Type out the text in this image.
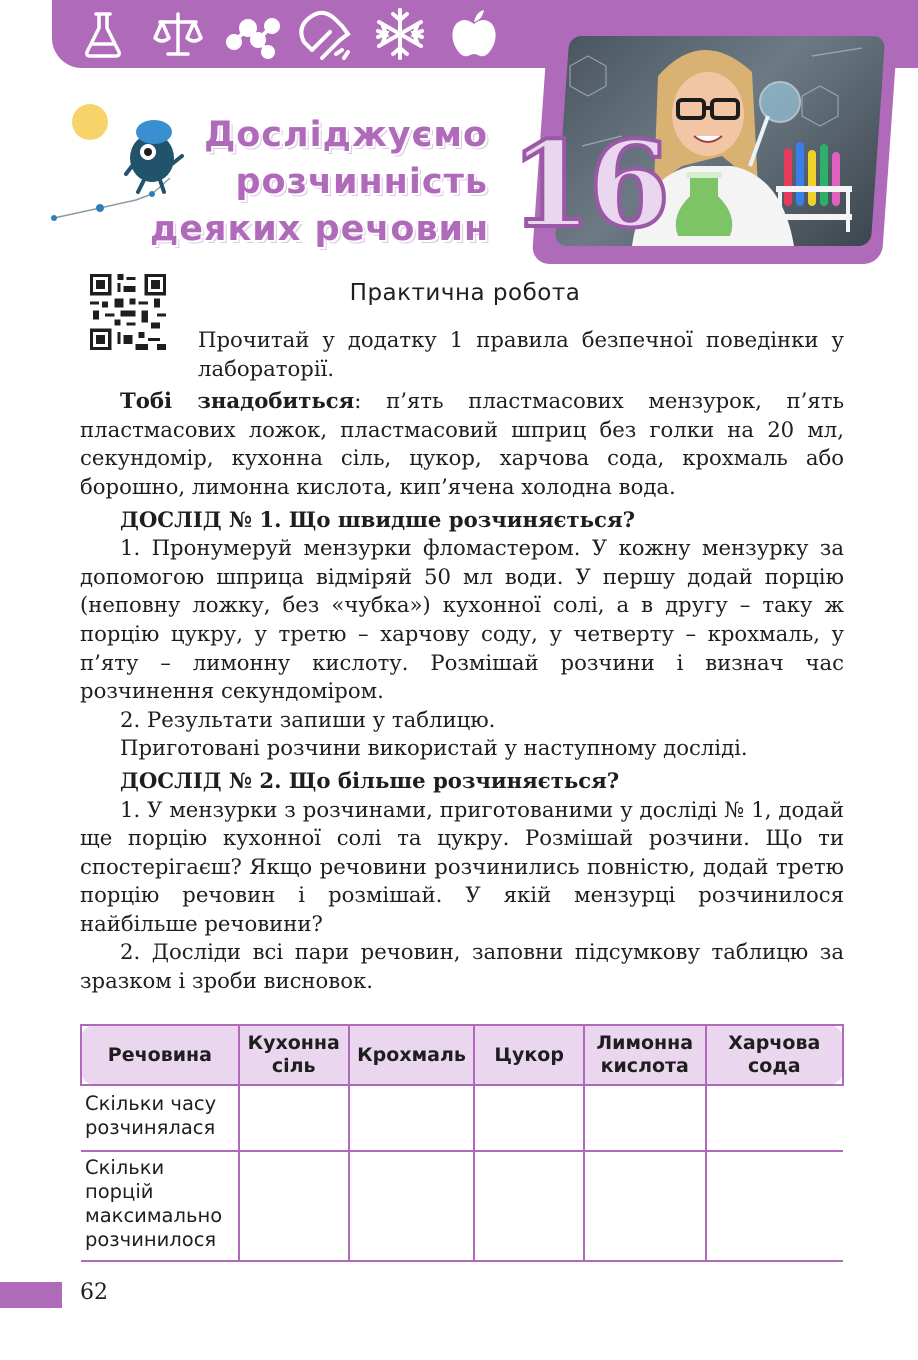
Досліджуємо
розчинність
деяких речовин 16
Практична робота

Прочитай у додатку 1 правила безпечної поведінки у лабораторії.

Тобі знадобиться: п’ять пластмасових мензурок, п’ять пластмасових ложок, пластмасовий шприц без голки на 20 мл, секундомір, кухонна сіль, цукор, харчова сода, крохмаль або борошно, лимонна кислота, кип’ячена холодна вода.

ДОСЛІД № 1. Що швидше розчиняється?

1. Пронумеруй мензурки фломастером. У кожну мензурку за допомогою шприца відміряй 50 мл води. У першу додай порцію (неповну ложку, без «чубка») кухонної солі, а в другу – таку ж порцію цукру, у третю – харчову соду, у четверту – крохмаль, у п’яту – лимонну кислоту. Розмішай розчини і визнач час розчинення секундоміром.

2. Результати запиши у таблицю.

Приготовані розчини використай у наступному досліді.

ДОСЛІД № 2. Що більше розчиняється?

1. У мензурки з розчинами, приготованими у досліді № 1, додай ще порцію кухонної солі та цукру. Розмішай розчини. Що ти спостерігаєш? Якщо речовини розчинились повністю, додай третю порцію речовин і розмішай. У якій мензурці розчинилося найбільше речовини?

2. Досліди всі пари речовин, заповни підсумкову таблицю за зразком і зроби висновок.

Речовина	Кухонна сіль	Крохмаль	Цукор	Лимонна кислота	Харчова сода
Скільки часу розчинялася					
Скільки порцій максимально розчинилося					
62
